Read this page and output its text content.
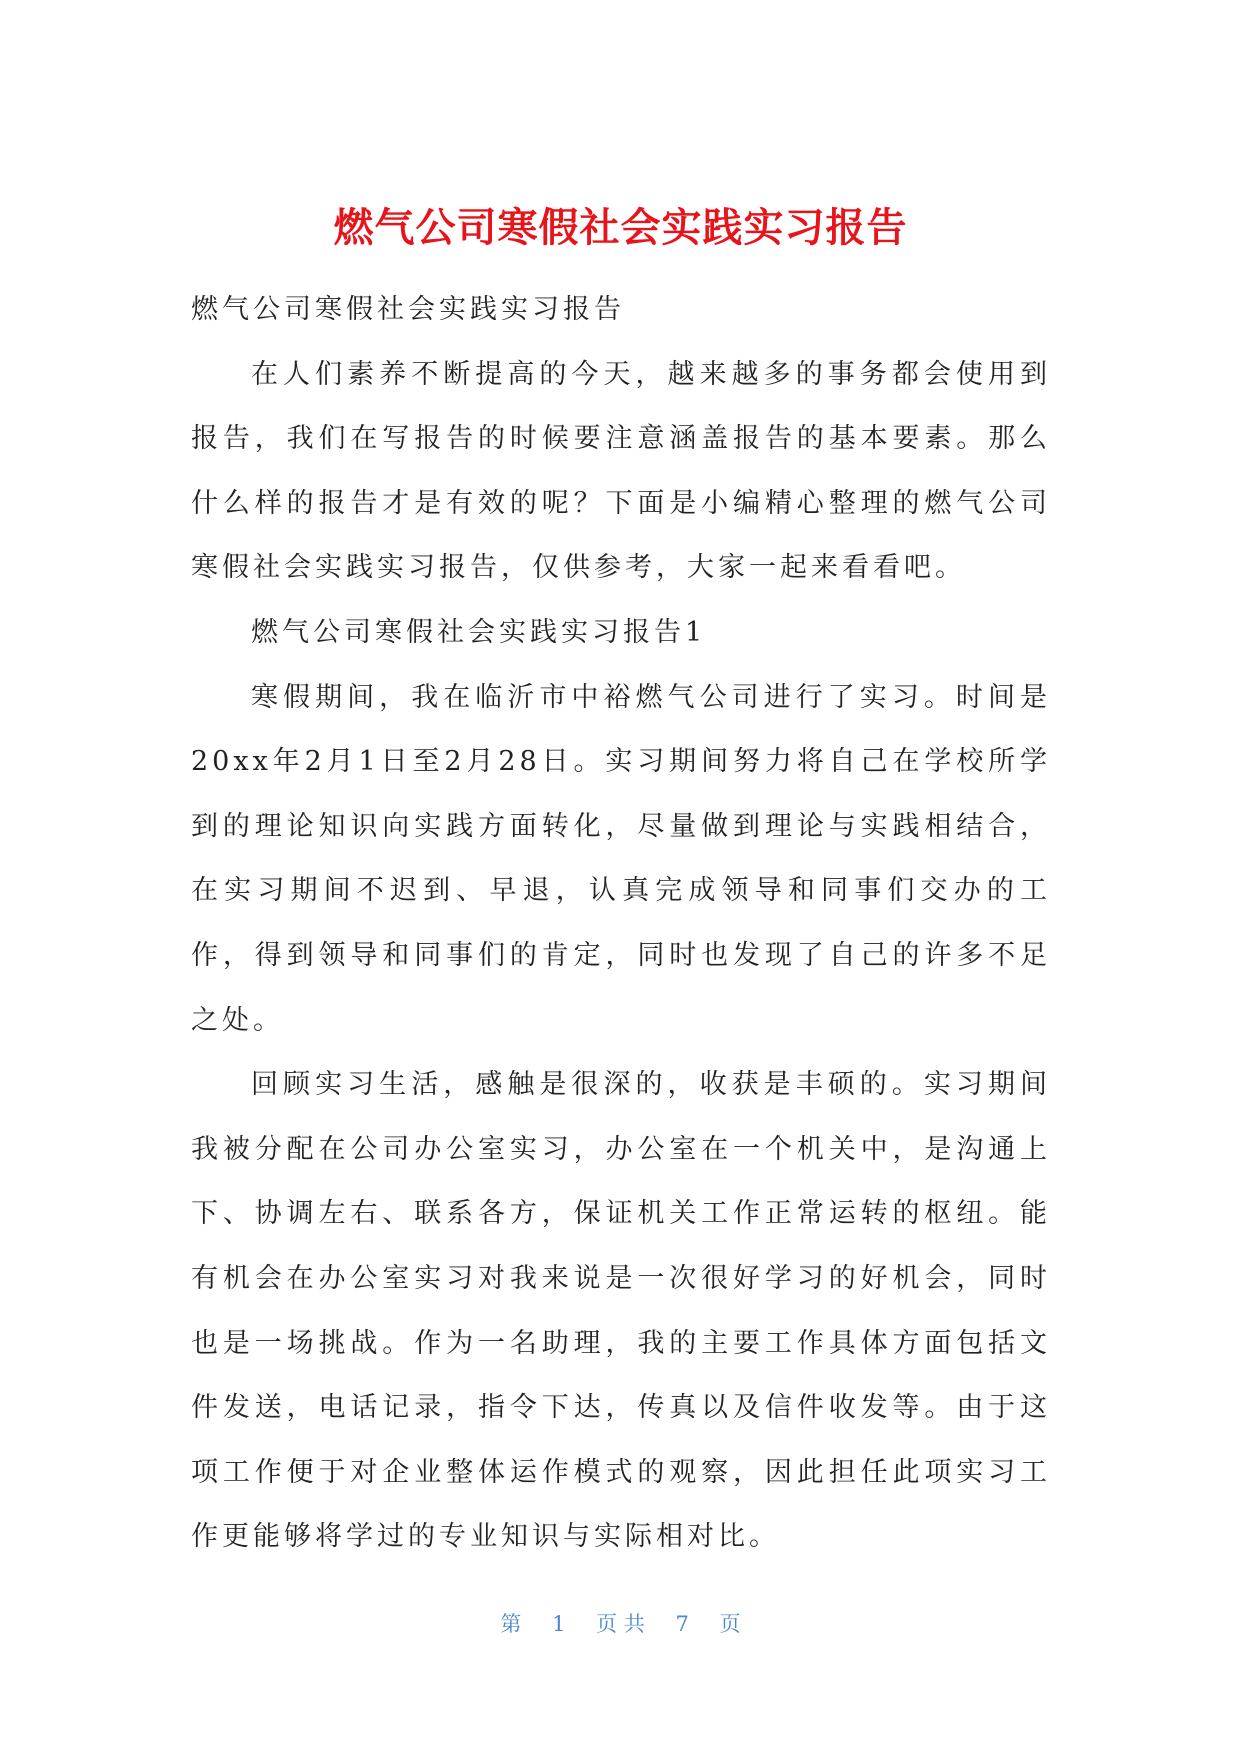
燃气公司寒假社会实践实习报告

燃气公司寒假社会实践实习报告

在人们素养不断提高的今天，越来越多的事务都会使用到报告，我们在写报告的时候要注意涵盖报告的基本要素。那么什么样的报告才是有效的呢？下面是小编精心整理的燃气公司寒假社会实践实习报告，仅供参考，大家一起来看看吧。

燃气公司寒假社会实践实习报告1

寒假期间，我在临沂市中裕燃气公司进行了实习。时间是20xx年2月1日至2月28日。实习期间努力将自己在学校所学到的理论知识向实践方面转化，尽量做到理论与实践相结合，在实习期间不迟到、早退，认真完成领导和同事们交办的工作，得到领导和同事们的肯定，同时也发现了自己的许多不足之处。

回顾实习生活，感触是很深的，收获是丰硕的。实习期间我被分配在公司办公室实习，办公室在一个机关中，是沟通上下、协调左右、联系各方，保证机关工作正常运转的枢纽。能有机会在办公室实习对我来说是一次很好学习的好机会，同时也是一场挑战。作为一名助理，我的主要工作具体方面包括文件发送，电话记录，指令下达，传真以及信件收发等。由于这项工作便于对企业整体运作模式的观察，因此担任此项实习工作更能够将学过的专业知识与实际相对比。

第 1 页 共 7 页
